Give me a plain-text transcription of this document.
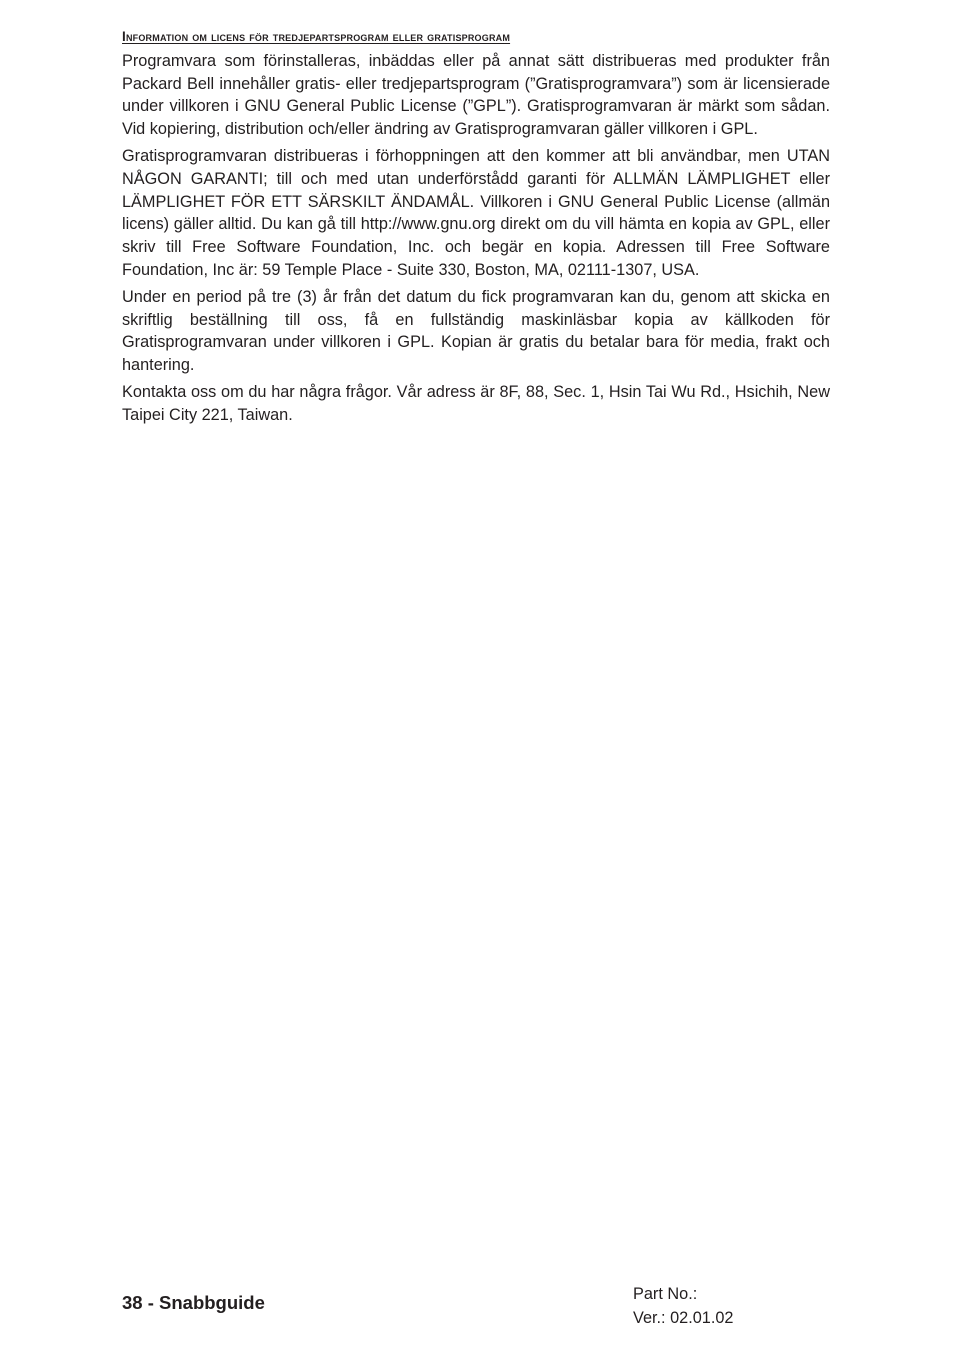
Information om licens för tredjepartsprogram eller gratisprogram

Programvara som förinstalleras, inbäddas eller på annat sätt distribueras med produkter från Packard Bell innehåller gratis- eller tredjepartsprogram (”Gratisprogramvara”) som är licensierade under villkoren i GNU General Public License (”GPL”). Gratisprogramvaran är märkt som sådan. Vid kopiering, distribution och/eller ändring av Gratisprogramvaran gäller villkoren i GPL.

Gratisprogramvaran distribueras i förhoppningen att den kommer att bli användbar, men UTAN NÅGON GARANTI; till och med utan underförstådd garanti för ALLMÄN LÄMPLIGHET eller LÄMPLIGHET FÖR ETT SÄRSKILT ÄNDAMÅL. Villkoren i GNU General Public License (allmän licens) gäller alltid. Du kan gå till http://www.gnu.org direkt om du vill hämta en kopia av GPL, eller skriv till Free Software Foundation, Inc. och begär en kopia. Adressen till Free Software Foundation, Inc är: 59 Temple Place - Suite 330, Boston, MA, 02111-1307, USA.

Under en period på tre (3) år från det datum du fick programvaran kan du, genom att skicka en skriftlig beställning till oss, få en fullständig maskinläsbar kopia av källkoden för Gratisprogramvaran under villkoren i GPL. Kopian är gratis du betalar bara för media, frakt och hantering.

Kontakta oss om du har några frågor. Vår adress är 8F, 88, Sec. 1, Hsin Tai Wu Rd., Hsichih, New Taipei City 221, Taiwan.

38 - Snabbguide	Part No.:
Ver.: 02.01.02
